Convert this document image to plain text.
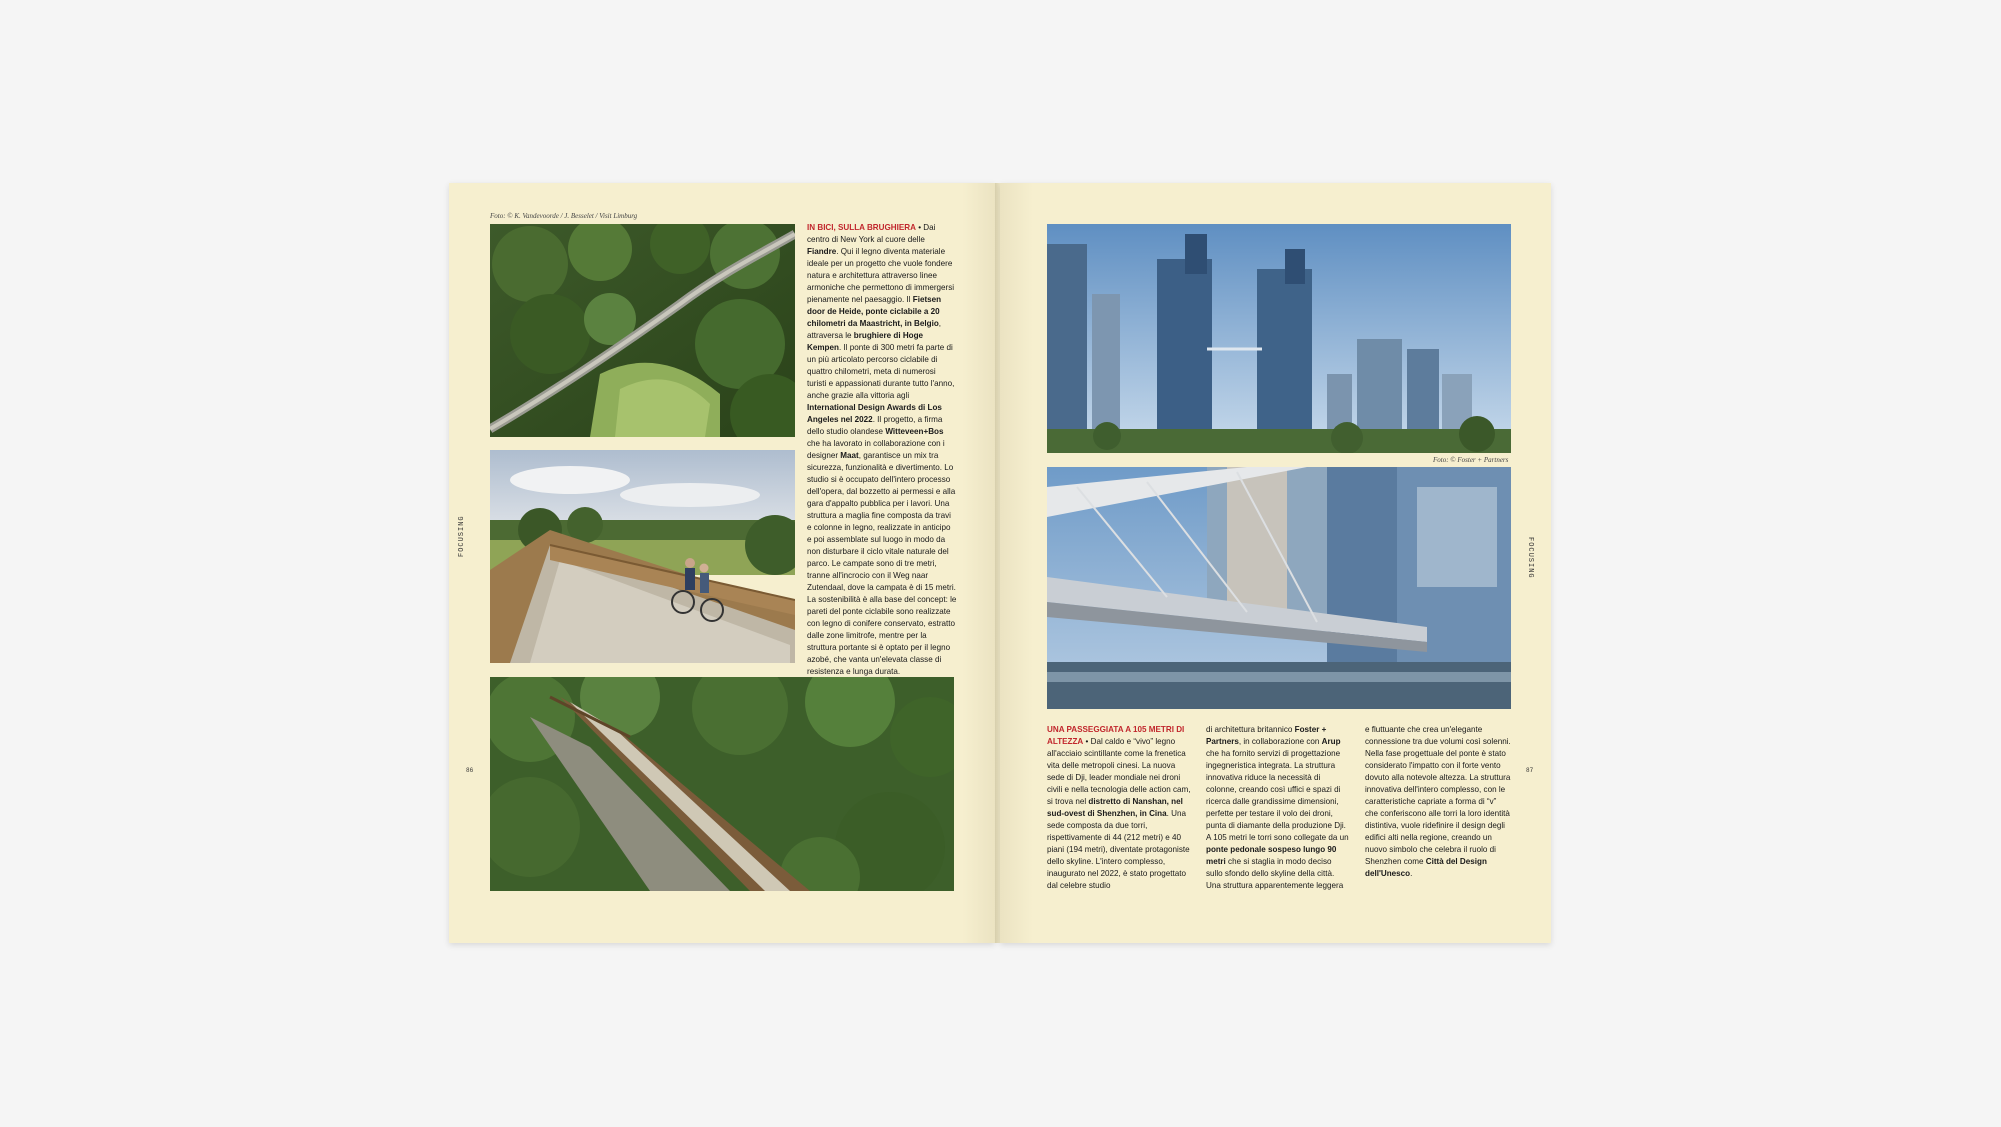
Foto: © K. Vandevoorde / J. Besselet / Visit Limburg
IN BICI, SULLA BRUGHIERA • Dai centro di New York al cuore delle Fiandre. Qui il legno diventa materiale ideale per un progetto che vuole fondere natura e architettura attraverso linee armoniche che permettono di immergersi pienamente nel paesaggio. Il Fietsen door de Heide, ponte ciclabile a 20 chilometri da Maastricht, in Belgio, attraversa le brughiere di Hoge Kempen. Il ponte di 300 metri fa parte di un più articolato percorso ciclabile di quattro chilometri, meta di numerosi turisti e appassionati durante tutto l'anno, anche grazie alla vittoria agli International Design Awards di Los Angeles nel 2022. Il progetto, a firma dello studio olandese Witteveen+Bos che ha lavorato in collaborazione con i designer Maat, garantisce un mix tra sicurezza, funzionalità e divertimento. Lo studio si è occupato dell'intero processo dell'opera, dal bozzetto ai permessi e alla gara d'appalto pubblica per i lavori. Una struttura a maglia fine composta da travi e colonne in legno, realizzate in anticipo e poi assemblate sul luogo in modo da non disturbare il ciclo vitale naturale del parco. Le campate sono di tre metri, tranne all'incrocio con il Weg naar Zutendaal, dove la campata è di 15 metri. La sostenibilità è alla base del concept: le pareti del ponte ciclabile sono realizzate con legno di conifere conservato, estratto dalle zone limitrofe, mentre per la struttura portante si è optato per il legno azobé, che vanta un'elevata classe di resistenza e lunga durata.
FOCUSING
86
Foto: © Foster + Partners
UNA PASSEGGIATA A 105 METRI DI ALTEZZA • Dal caldo e “vivo” legno all'acciaio scintillante come la frenetica vita delle metropoli cinesi. La nuova sede di Dji, leader mondiale nei droni civili e nella tecnologia delle action cam, si trova nel distretto di Nanshan, nel sud-ovest di Shenzhen, in Cina. Una sede composta da due torri, rispettivamente di 44 (212 metri) e 40 piani (194 metri), diventate protagoniste dello skyline. L'intero complesso, inaugurato nel 2022, è stato progettato dal celebre studio
di architettura britannico Foster + Partners, in collaborazione con Arup che ha fornito servizi di progettazione ingegneristica integrata. La struttura innovativa riduce la necessità di colonne, creando così uffici e spazi di ricerca dalle grandissime dimensioni, perfette per testare il volo dei droni, punta di diamante della produzione Dji. A 105 metri le torri sono collegate da un ponte pedonale sospeso lungo 90 metri che si staglia in modo deciso sullo sfondo dello skyline della città. Una struttura apparentemente leggera
e fluttuante che crea un'elegante connessione tra due volumi così solenni. Nella fase progettuale del ponte è stato considerato l'impatto con il forte vento dovuto alla notevole altezza. La struttura innovativa dell'intero complesso, con le caratteristiche capriate a forma di “v” che conferiscono alle torri la loro identità distintiva, vuole ridefinire il design degli edifici alti nella regione, creando un nuovo simbolo che celebra il ruolo di Shenzhen come Città del Design dell'Unesco.
FOCUSING
87
